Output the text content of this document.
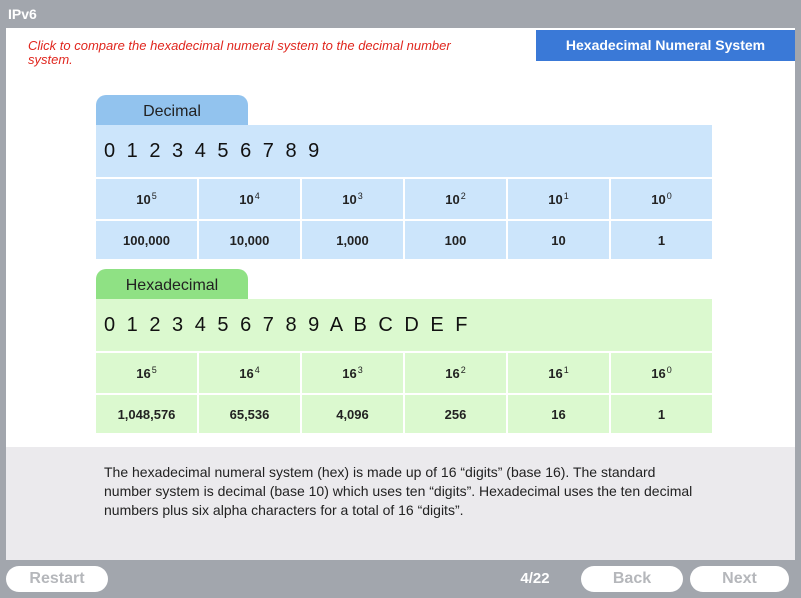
IPv6
Click to compare the hexadecimal numeral system to the decimal number system.
Hexadecimal Numeral System
Decimal
0 1 2 3 4 5 6 7 8 9
$10^5$	$10^4$	$10^3$	$10^2$	$10^1$	$10^0$
100,000	10,000	1,000	100	10	1
Hexadecimal
0 1 2 3 4 5 6 7 8 9 A B C D E F
$16^5$	$16^4$	$16^3$	$16^2$	$16^1$	$16^0$
1,048,576	65,536	4,096	256	16	1
The hexadecimal numeral system (hex) is made up of 16 “digits” (base 16). The standard number system is decimal (base 10) which uses ten “digits”. Hexadecimal uses the ten decimal numbers plus six alpha characters for a total of 16 “digits”.
Restart	4/22	Back	Next
